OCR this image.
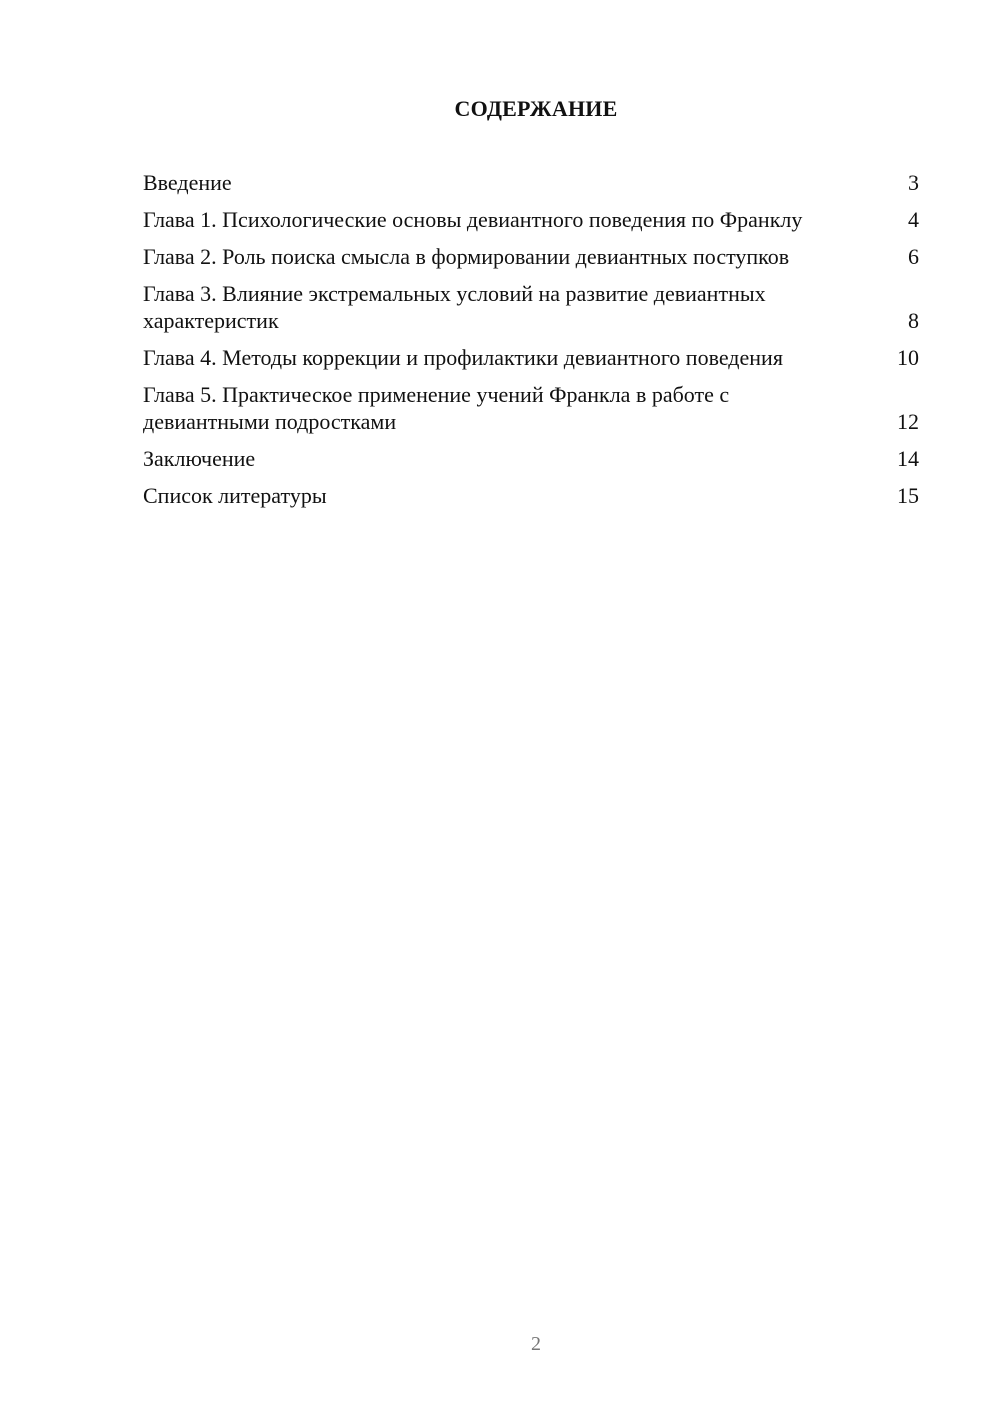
СОДЕРЖАНИЕ
Введение	3
Глава 1. Психологические основы девиантного поведения по Франклу	4
Глава 2. Роль поиска смысла в формировании девиантных поступков	6
Глава 3. Влияние экстремальных условий на развитие девиантных характеристик	8
Глава 4. Методы коррекции и профилактики девиантного поведения	10
Глава 5. Практическое применение учений Франкла в работе с девиантными подростками	12
Заключение	14
Список литературы	15
2
